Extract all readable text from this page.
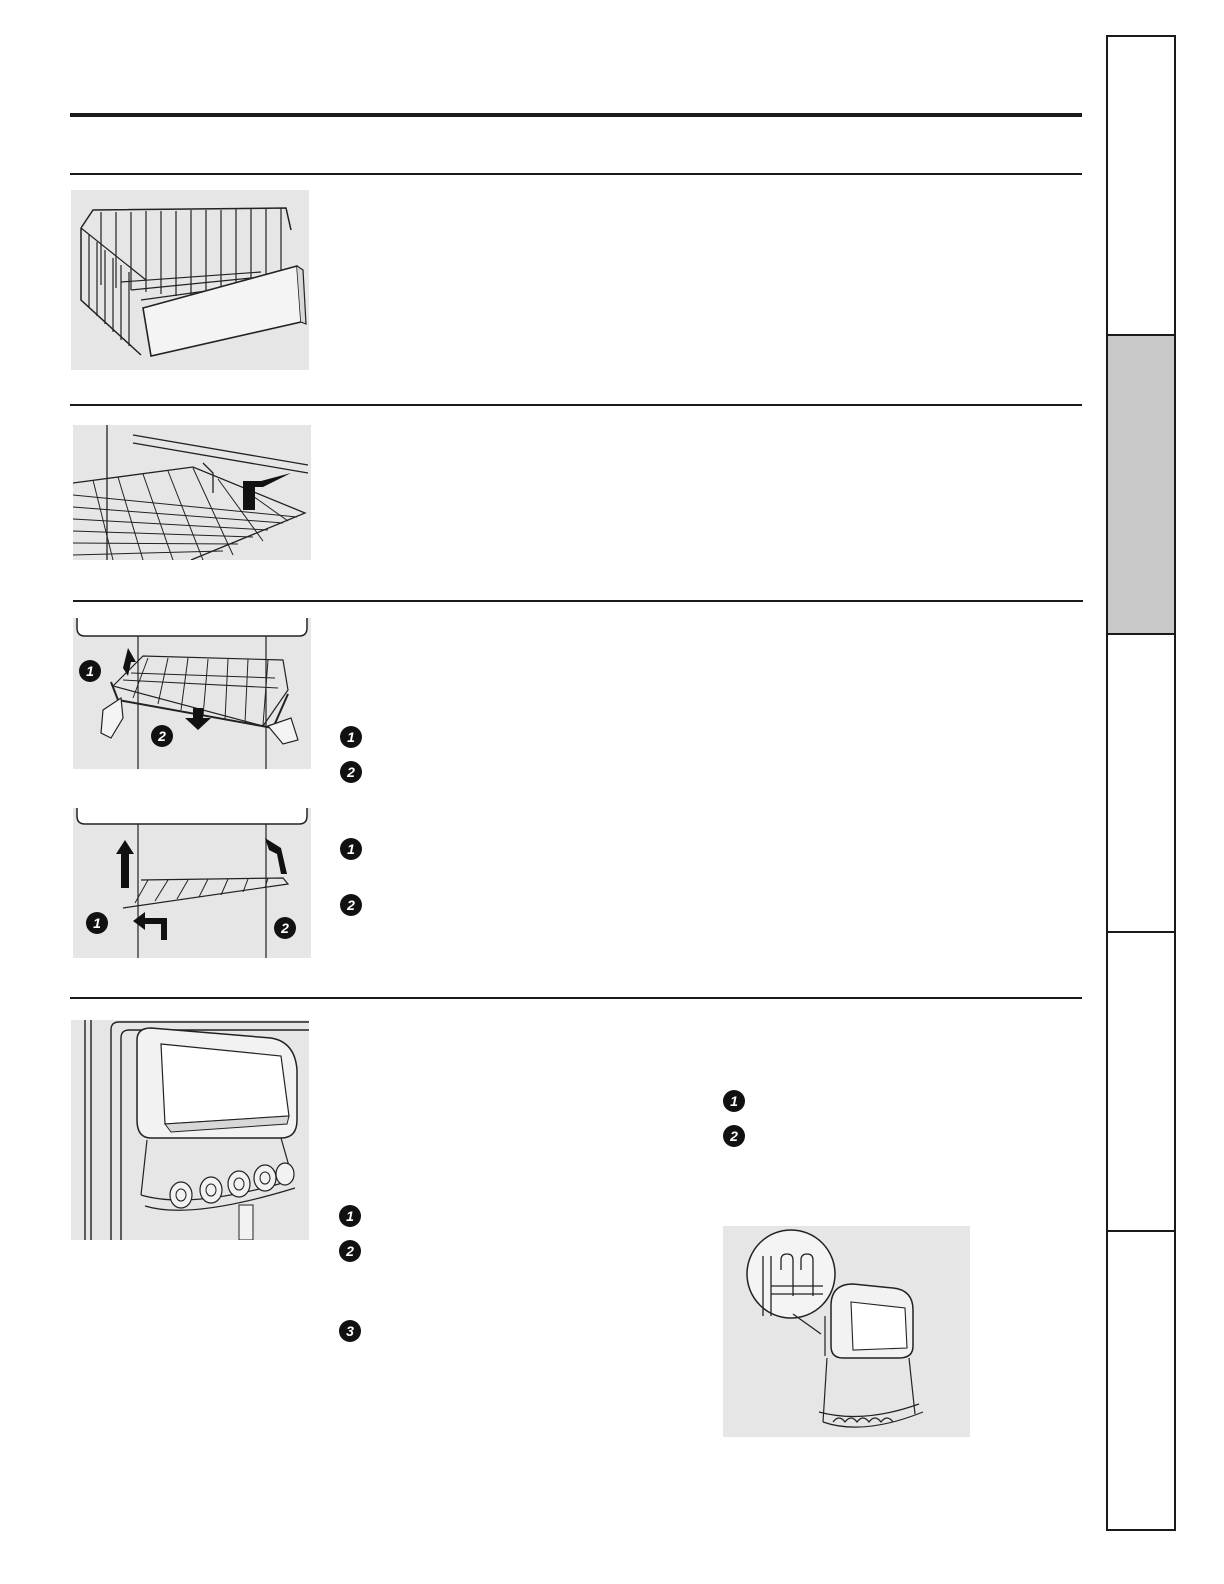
1
2
1	2
1
2
1
2
1
2
3
1
2
